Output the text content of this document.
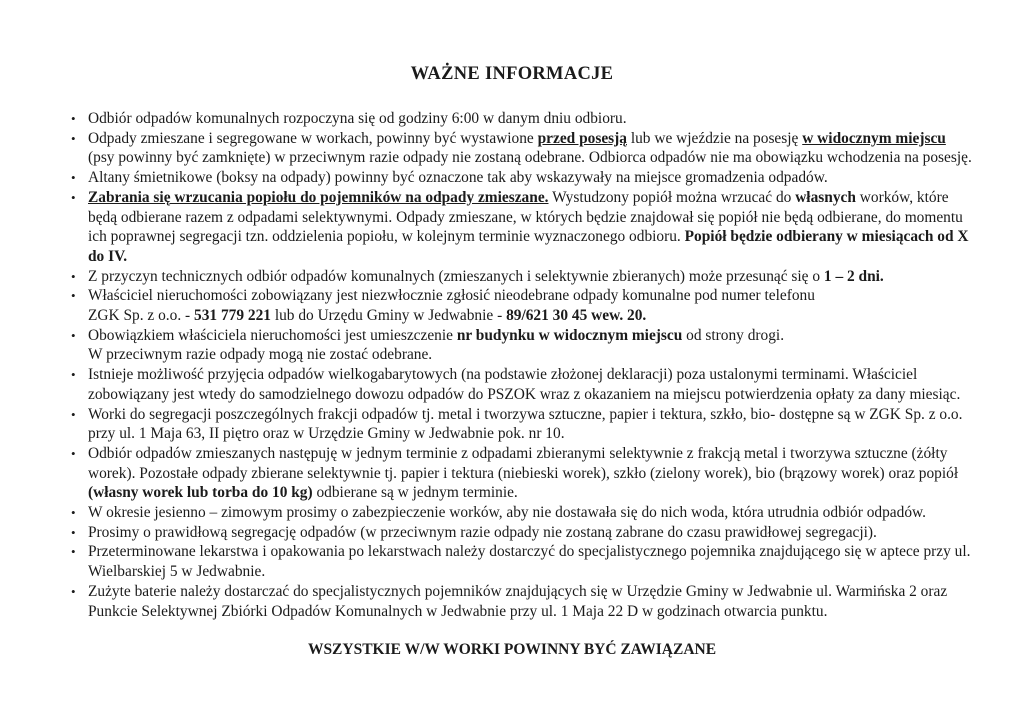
WAŻNE INFORMACJE
• Odbiór odpadów komunalnych rozpoczyna się od godziny 6:00 w danym dniu odbioru.
• Odpady zmieszane i segregowane w workach, powinny być wystawione przed posesją lub we wjeździe na posesję w widocznym miejscu (psy powinny być zamknięte) w przeciwnym razie odpady nie zostaną odebrane. Odbiorca odpadów nie ma obowiązku wchodzenia na posesję.
• Altany śmietnikowe (boksy na odpady) powinny być oznaczone tak aby wskazywały na miejsce gromadzenia odpadów.
• Zabrania się wrzucania popiołu do pojemników na odpady zmieszane. Wystudzony popiół można wrzucać do własnych worków, które będą odbierane razem z odpadami selektywnymi. Odpady zmieszane, w których będzie znajdował się popiół nie będą odbierane, do momentu ich poprawnej segregacji tzn. oddzielenia popiołu, w kolejnym terminie wyznaczonego odbioru. Popiół będzie odbierany w miesiącach od X do IV.
• Z przyczyn technicznych odbiór odpadów komunalnych (zmieszanych i selektywnie zbieranych) może przesunąć się o 1 – 2 dni.
• Właściciel nieruchomości zobowiązany jest niezwłocznie zgłosić nieodebrane odpady komunalne pod numer telefonu
ZGK Sp. z o.o. - 531 779 221 lub do Urzędu Gminy w Jedwabnie - 89/621 30 45 wew. 20.
• Obowiązkiem właściciela nieruchomości jest umieszczenie nr budynku w widocznym miejscu od strony drogi.
W przeciwnym razie odpady mogą nie zostać odebrane.
• Istnieje możliwość przyjęcia odpadów wielkogabarytowych (na podstawie złożonej deklaracji) poza ustalonymi terminami. Właściciel zobowiązany jest wtedy do samodzielnego dowozu odpadów do PSZOK wraz z okazaniem na miejscu potwierdzenia opłaty za dany miesiąc.
• Worki do segregacji poszczególnych frakcji odpadów tj. metal i tworzywa sztuczne, papier i tektura, szkło, bio- dostępne są w ZGK Sp. z o.o. przy ul. 1 Maja 63, II piętro oraz w Urzędzie Gminy w Jedwabnie pok. nr 10.
• Odbiór odpadów zmieszanych następuję w jednym terminie z odpadami zbieranymi selektywnie z frakcją metal i tworzywa sztuczne (żółty worek). Pozostałe odpady zbierane selektywnie tj. papier i tektura (niebieski worek), szkło (zielony worek), bio (brązowy worek) oraz popiół (własny worek lub torba do 10 kg) odbierane są w jednym terminie.
• W okresie jesienno – zimowym prosimy o zabezpieczenie worków, aby nie dostawała się do nich woda, która utrudnia odbiór odpadów.
• Prosimy o prawidłową segregację odpadów (w przeciwnym razie odpady nie zostaną zabrane do czasu prawidłowej segregacji).
• Przeterminowane lekarstwa i opakowania po lekarstwach należy dostarczyć do specjalistycznego pojemnika znajdującego się w aptece przy ul. Wielbarskiej 5 w Jedwabnie.
• Zużyte baterie należy dostarczać do specjalistycznych pojemników znajdujących się w Urzędzie Gminy w Jedwabnie ul. Warmińska 2 oraz Punkcie Selektywnej Zbiórki Odpadów Komunalnych w Jedwabnie przy ul. 1 Maja 22 D w godzinach otwarcia punktu.
WSZYSTKIE W/W WORKI POWINNY BYĆ ZAWIĄZANE
